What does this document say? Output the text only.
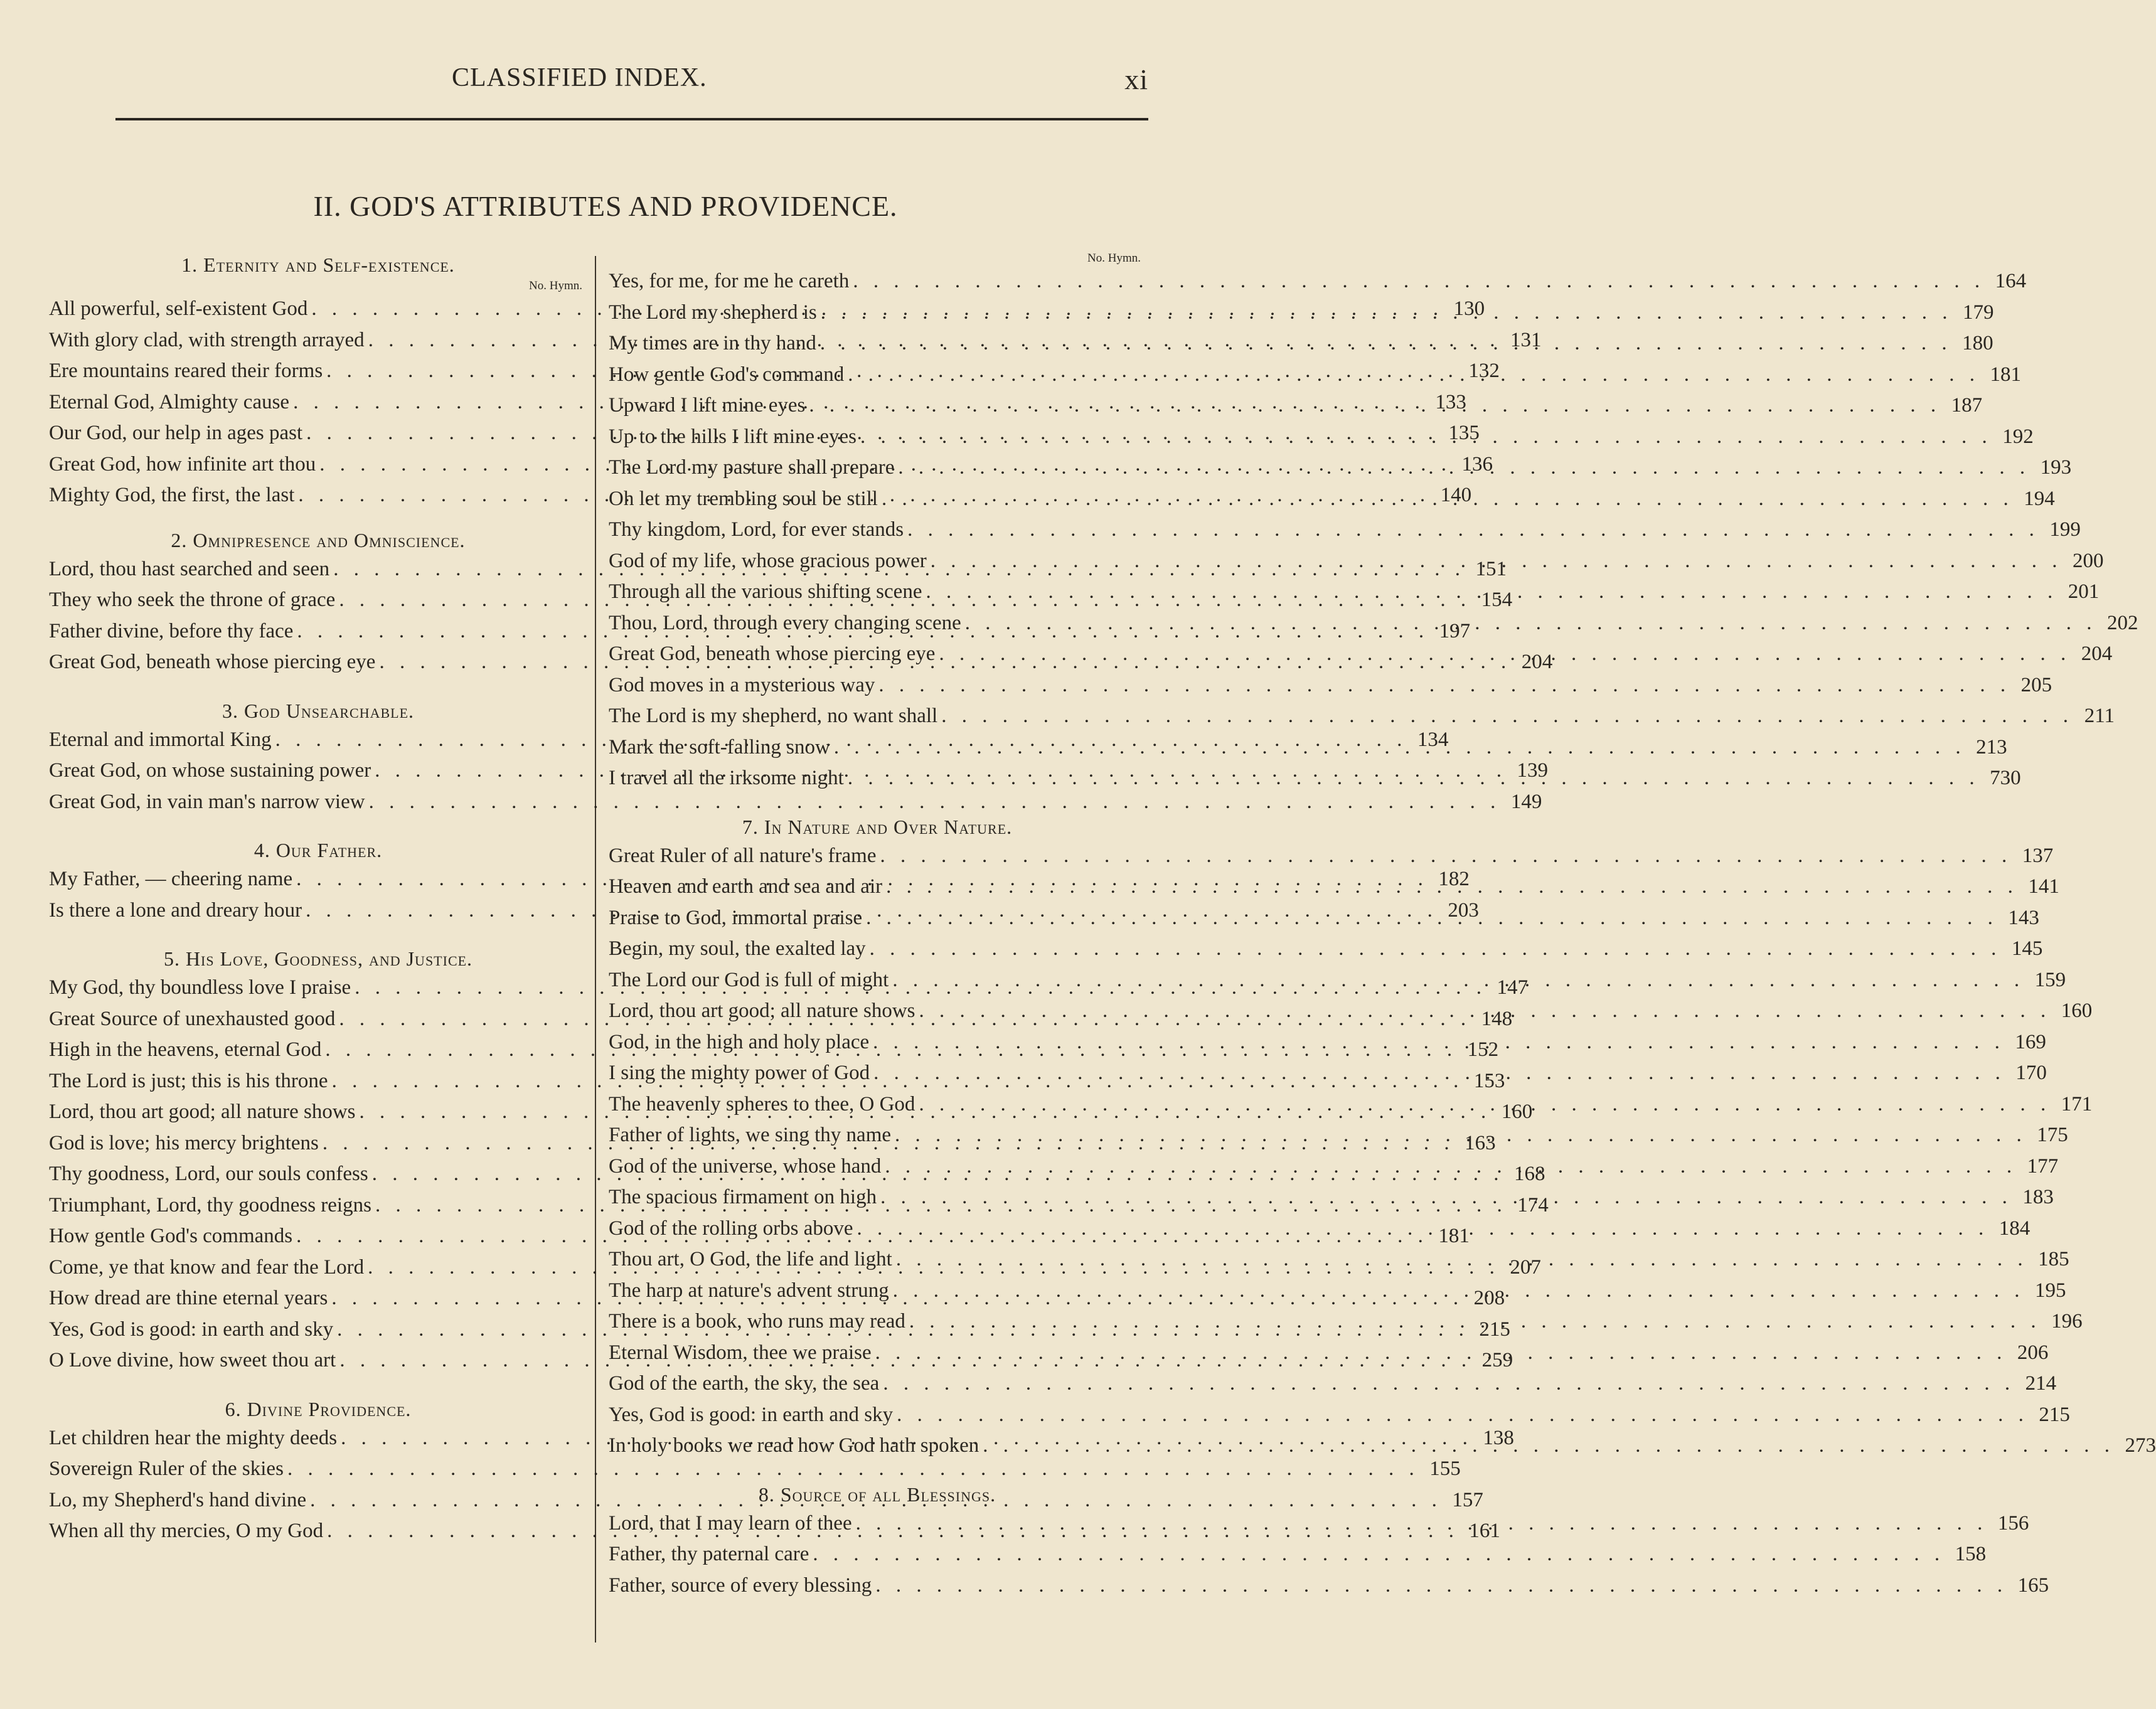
CLASSIFIED INDEX.	xi
II. GOD'S ATTRIBUTES AND PROVIDENCE.
1. Eternity and Self-existence.
No. Hymn.
All powerful, self-existent God . . .	130
With glory clad, with strength arrayed . . .	131
Ere mountains reared their forms . . .	132
Eternal God, Almighty cause . . .	133
Our God, our help in ages past . . .	135
Great God, how infinite art thou . . .	136
Mighty God, the first, the last . . .	140
2. Omnipresence and Omniscience.
Lord, thou hast searched and seen . . .	151
They who seek the throne of grace . . .	154
Father divine, before thy face . . .	197
Great God, beneath whose piercing eye . . .	204
3. God Unsearchable.
Eternal and immortal King . . .	134
Great God, on whose sustaining power . . .	139
Great God, in vain man's narrow view . . .	149
4. Our Father.
My Father, — cheering name . . .	182
Is there a lone and dreary hour . . .	203
5. His Love, Goodness, and Justice.
My God, thy boundless love I praise . . .	147
Great Source of unexhausted good . . .	148
High in the heavens, eternal God . . .	152
The Lord is just; this is his throne . . .	153
Lord, thou art good; all nature shows . . .	160
God is love; his mercy brightens . . .	163
Thy goodness, Lord, our souls confess . . .	168
Triumphant, Lord, thy goodness reigns . . .	174
How gentle God's commands . . .	181
Come, ye that know and fear the Lord . . .	207
How dread are thine eternal years . . .	208
Yes, God is good: in earth and sky . . .	215
O Love divine, how sweet thou art . . .	259
6. Divine Providence.
Let children hear the mighty deeds . . .	138
Sovereign Ruler of the skies . . .	155
Lo, my Shepherd's hand divine . . .	157
When all thy mercies, O my God . . .	161
No. Hymn.
Yes, for me, for me he careth . . .	164
The Lord my shepherd is . . .	179
My times are in thy hand . . .	180
How gentle God's command . . .	181
Upward I lift mine eyes . . .	187
Up to the hills I lift mine eyes . . .	192
The Lord my pasture shall prepare . . .	193
Oh let my trembling soul be still . . .	194
Thy kingdom, Lord, for ever stands . . .	199
God of my life, whose gracious power . . .	200
Through all the various shifting scene . . .	201
Thou, Lord, through every changing scene . . .	202
Great God, beneath whose piercing eye . . .	204
God moves in a mysterious way . . .	205
The Lord is my shepherd, no want shall . . .	211
Mark the soft-falling snow . . .	213
I travel all the irksome night . . .	730
7. In Nature and Over Nature.
Great Ruler of all nature's frame . . .	137
Heaven and earth and sea and air . . .	141
Praise to God, immortal praise . . .	143
Begin, my soul, the exalted lay . . .	145
The Lord our God is full of might . . .	159
Lord, thou art good; all nature shows . . .	160
God, in the high and holy place . . .	169
I sing the mighty power of God . . .	170
The heavenly spheres to thee, O God . . .	171
Father of lights, we sing thy name . . .	175
God of the universe, whose hand . . .	177
The spacious firmament on high . . .	183
God of the rolling orbs above . . .	184
Thou art, O God, the life and light . . .	185
The harp at nature's advent strung . . .	195
There is a book, who runs may read . . .	196
Eternal Wisdom, thee we praise . . .	206
God of the earth, the sky, the sea . . .	214
Yes, God is good: in earth and sky . . .	215
In holy books we read how God hath spoken . . .	273
8. Source of all Blessings.
Lord, that I may learn of thee . . .	156
Father, thy paternal care . . .	158
Father, source of every blessing . . .	165
